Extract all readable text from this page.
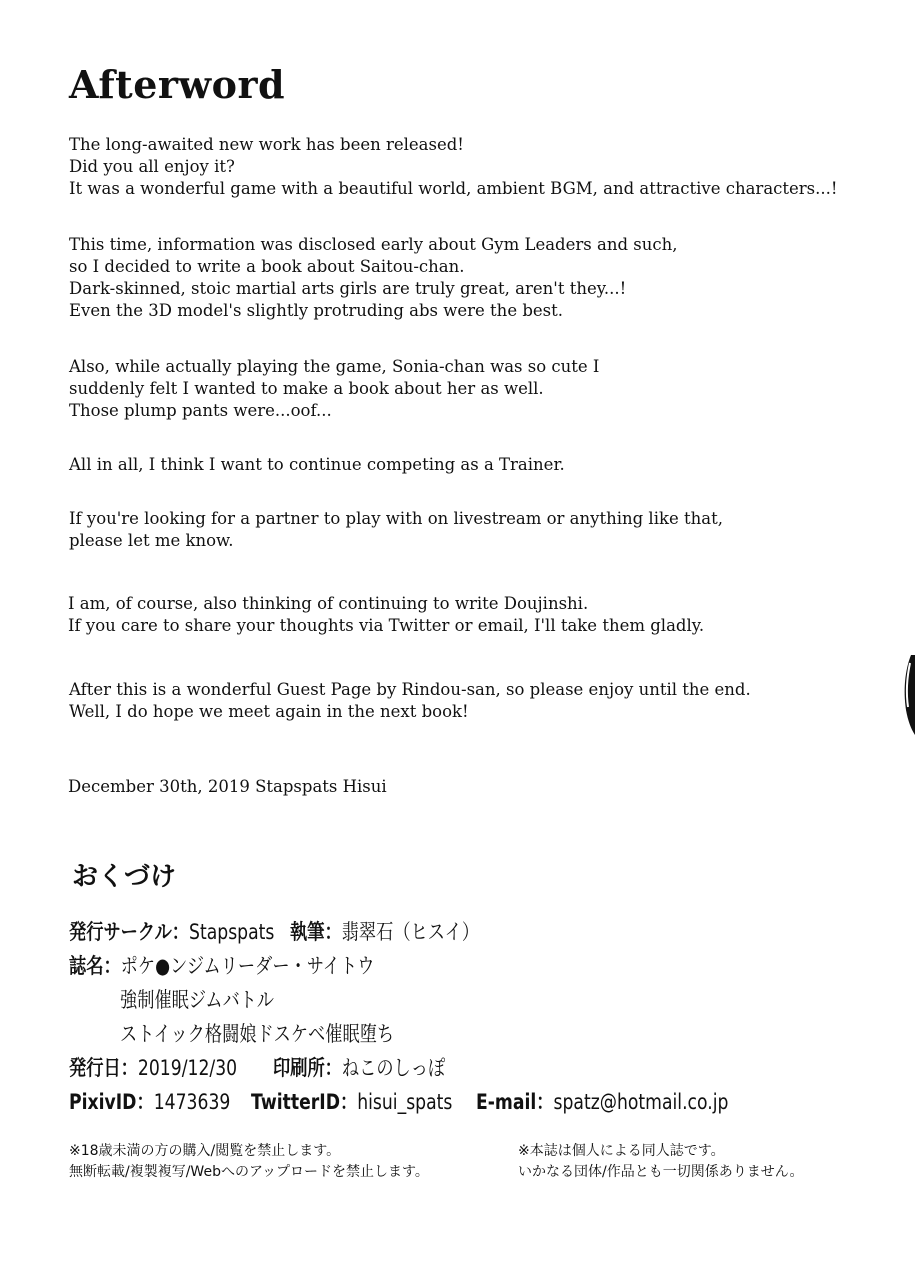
Afterword
The long-awaited new work has been released!
Did you all enjoy it?
It was a wonderful game with a beautiful world, ambient BGM, and attractive characters...!
This time, information was disclosed early about Gym Leaders and such,
so I decided to write a book about Saitou-chan.
Dark-skinned, stoic martial arts girls are truly great, aren't they...!
Even the 3D model's slightly protruding abs were the best.
Also, while actually playing the game, Sonia-chan was so cute I
suddenly felt I wanted to make a book about her as well.
Those plump pants were...oof...
All in all, I think I want to continue competing as a Trainer.
If you're looking for a partner to play with on livestream or anything like that,
please let me know.
I am, of course, also thinking of continuing to write Doujinshi.
If you care to share your thoughts via Twitter or email, I'll take them gladly.
After this is a wonderful Guest Page by Rindou-san, so please enjoy until the end.
Well, I do hope we meet again in the next book!
December 30th, 2019 Stapspats Hisui
おくづけ
発行サークル：Stapspats 執筆：翡翠石（ヒスイ）
誌名：ポケ●ンジムリーダー・サイトウ
強制催眠ジムバトル
ストイック格闘娘ドスケベ催眠堕ち
発行日：2019/12/30 印刷所：ねこのしっぽ
PixivID：1473639 TwitterID：hisui_spats E-mail：spatz@hotmail.co.jp
※18歳未満の方の購入/閲覧を禁止します。
無断転載/複製複写/Webへのアップロードを禁止します。
※本誌は個人による同人誌です。
いかなる団体/作品とも一切関係ありません。
